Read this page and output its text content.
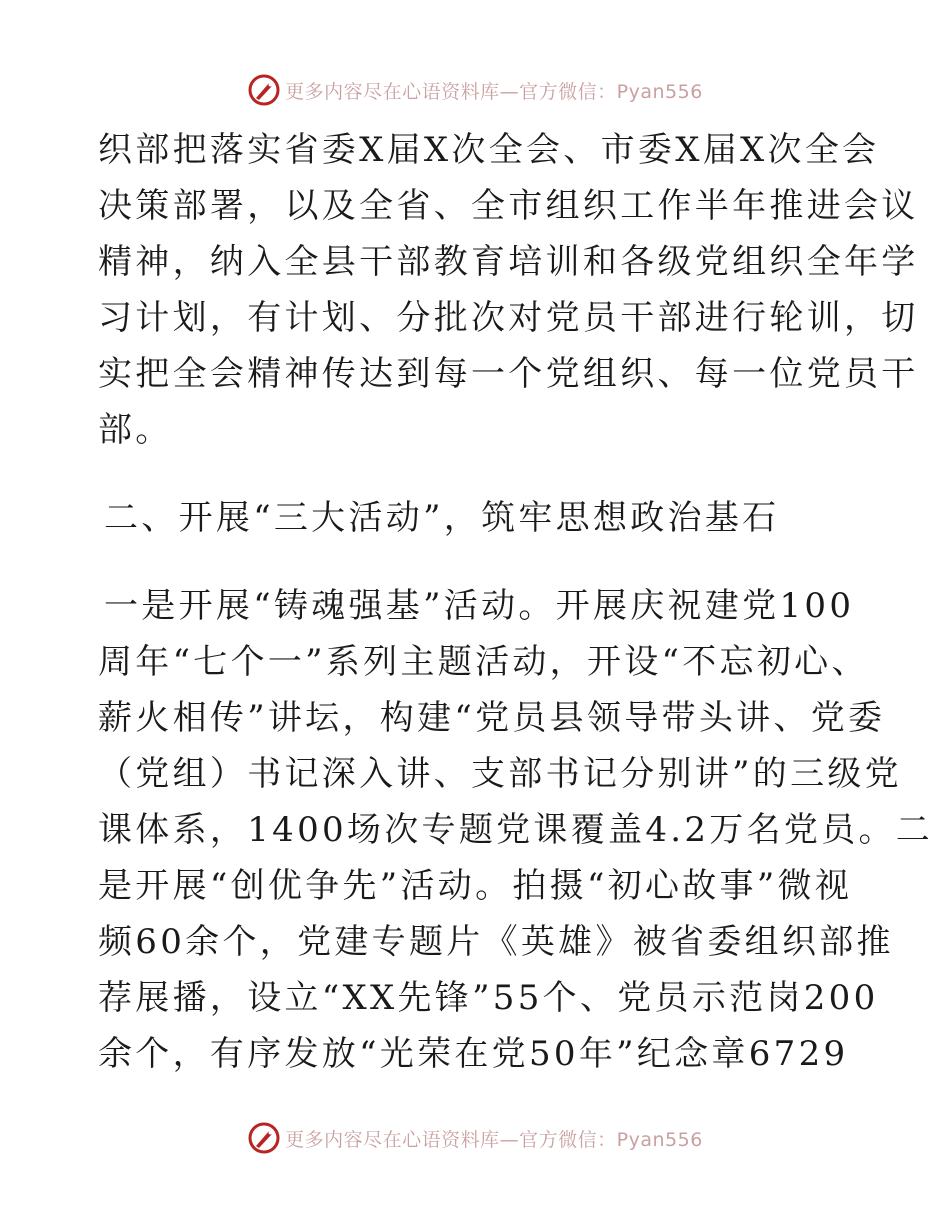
更多内容尽在心语资料库—官方微信：Pyan556
织部把落实省委X届X次全会、市委X届X次全会
决策部署，以及全省、全市组织工作半年推进会议
精神，纳入全县干部教育培训和各级党组织全年学
习计划，有计划、分批次对党员干部进行轮训，切
实把全会精神传达到每一个党组织、每一位党员干
部。
二、开展“三大活动”，筑牢思想政治基石
一是开展“铸魂强基”活动。开展庆祝建党100
周年“七个一”系列主题活动，开设“不忘初心、
薪火相传”讲坛，构建“党员县领导带头讲、党委
（党组）书记深入讲、支部书记分别讲”的三级党
课体系，1400场次专题党课覆盖4.2万名党员。二
是开展“创优争先”活动。拍摄“初心故事”微视
频60余个，党建专题片《英雄》被省委组织部推
荐展播，设立“XX先锋”55个、党员示范岗200
余个，有序发放“光荣在党50年”纪念章6729
更多内容尽在心语资料库—官方微信：Pyan556
